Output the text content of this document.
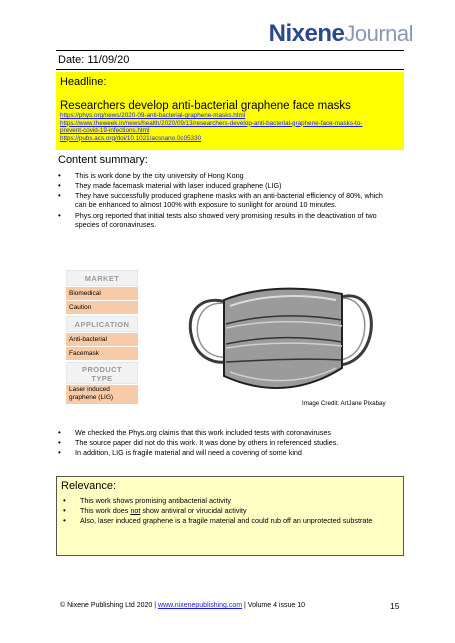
NixeneJournal
Date: 11/09/20
Headline:
Researchers develop anti-bacterial graphene face masks
https://phys.org/news/2020-09-anti-bacterial-graphene-masks.html
https://www.theweek.in/news/health/2020/09/13/researchers-develop-anti-bacterial-graphene-face-masks-to-
prevent-covid-19-infections.html
https://pubs.acs.org/doi/10.1021/acsnano.0c05330
Content summary:
• This is work done by the city university of Hong Kong
• They made facemask material with laser induced graphene (LIG)
• They have successfully produced graphene masks with an anti-bacterial efficiency of 80%, which can be enhanced to almost 100% with exposure to sunlight for around 10 minutes.
• Phys.org reported that initial tests also showed very promising results in the deactivation of two species of coronaviruses.
MARKET
Biomedical
Caution
APPLICATION
Anti-bacterial
Facemask
PRODUCT
TYPE
Laser induced
graphene (LIG)
Image Credit: ArtJane Pixabay
• We checked the Phys.org claims that this work included tests with coronaviruses
• The source paper did not do this work. It was done by others in referenced studies.
• In addition, LIG is fragile material and will need a covering of some kind
Relevance:
• This work shows promising antibacterial activity
• This work does not show antiviral or virucidal activity
• Also, laser induced graphene is a fragile material and could rub off an unprotected substrate
© Nixene Publishing Ltd 2020 | www.nixenepublishing.com | Volume 4 issue 10	15
